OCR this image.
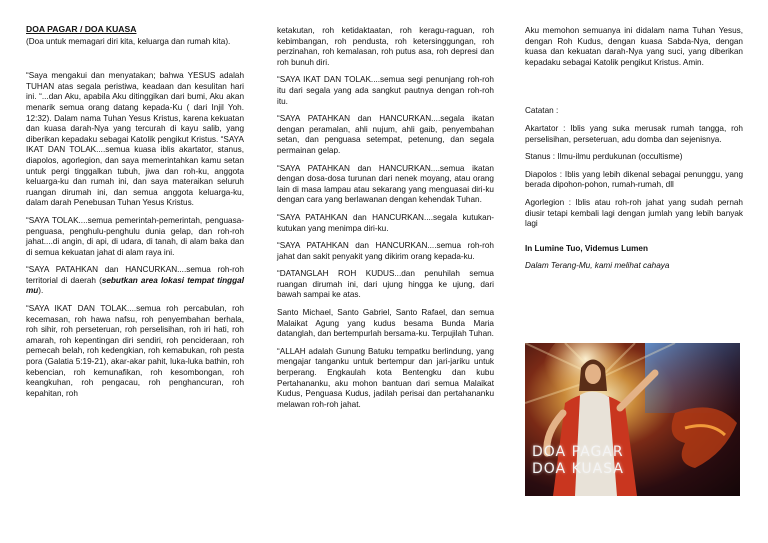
DOA PAGAR / DOA KUASA

(Doa untuk memagari diri kita, keluarga dan rumah kita).

“Saya mengakui dan menyatakan; bahwa YESUS adalah TUHAN atas segala peristiwa, keadaan dan kesulitan hari ini. “...dan Aku, apabila Aku ditinggikan dari bumi, Aku akan menarik semua orang datang kepada-Ku ( dari Injil Yoh. 12:32). Dalam nama Tuhan Yesus Kristus, karena kekuatan dan kuasa darah-Nya yang tercurah di kayu salib, yang diberikan kepadaku sebagai Katolik pengikut Kristus. “SAYA IKAT DAN TOLAK....semua kuasa iblis akartator, stanus, diapolos, agorlegion, dan saya memerintahkan kamu setan untuk pergi tinggalkan tubuh, jiwa dan roh-ku, anggota keluarga-ku dan rumah ini, dan saya materaikan seluruh ruangan dirumah ini, dan semua anggota keluarga-ku, dalam darah Penebusan Tuhan Yesus Kristus.

“SAYA TOLAK....semua pemerintah-pemerintah, penguasa-penguasa, penghulu-penghulu dunia gelap, dan roh-roh jahat....di angin, di api, di udara, di tanah, di alam baka dan di semua kekuatan jahat di alam raya ini.

“SAYA PATAHKAN dan HANCURKAN....semua roh-roh territorial di daerah (sebutkan area lokasi tempat tinggal mu).

“SAYA IKAT DAN TOLAK....semua roh percabulan, roh kecemasan, roh hawa nafsu, roh penyembahan berhala, roh sihir, roh perseteruan, roh perselisihan, roh iri hati, roh amarah, roh kepentingan diri sendiri, roh pencideraan, roh pemecah belah, roh kedengkian, roh kemabukan, roh pesta pora (Galatia 5:19-21), akar-akar pahit, luka-luka bathin, roh kebencian, roh kemunafikan, roh kesombongan, roh keangkuhan, roh pengacau, roh penghancuran, roh kepahitan, roh

ketakutan, roh ketidaktaatan, roh keragu-raguan, roh kebimbangan, roh pendusta, roh ketersinggungan, roh perzinahan, roh kemalasan, roh putus asa, roh depresi dan roh bunuh diri.

“SAYA IKAT DAN TOLAK....semua segi penunjang roh-roh itu dari segala yang ada sangkut pautnya dengan roh-roh itu.

“SAYA PATAHKAN dan HANCURKAN....segala ikatan dengan peramalan, ahli nujum, ahli gaib, penyembahan setan, dan penguasa setempat, petenung, dan segala permainan gelap.

“SAYA PATAHKAN dan HANCURKAN....semua ikatan dengan dosa-dosa turunan dari nenek moyang, atau orang lain di masa lampau atau sekarang yang menguasai diri-ku dengan cara yang berlawanan dengan kehendak Tuhan.

“SAYA PATAHKAN dan HANCURKAN....segala kutukan-kutukan yang menimpa diri-ku.

“SAYA PATAHKAN dan HANCURKAN....semua roh-roh jahat dan sakit penyakit yang dikirim orang kepada-ku.

“DATANGLAH ROH KUDUS...dan penuhilah semua ruangan dirumah ini, dari ujung hingga ke ujung, dari bawah sampai ke atas.

Santo Michael, Santo Gabriel, Santo Rafael, dan semua Malaikat Agung yang kudus besama Bunda Maria datanglah, dan bertempurlah bersama-ku. Terpujilah Tuhan.

“ALLAH adalah Gunung Batuku tempatku berlindung, yang mengajar tanganku untuk bertempur dan jari-jariku untuk berperang. Engkaulah kota Bentengku dan kubu Pertahananku, aku mohon bantuan dari semua Malaikat Kudus, Penguasa Kudus, jadilah perisai dan pertahananku melawan roh-roh jahat.

Aku memohon semuanya ini didalam nama Tuhan Yesus, dengan Roh Kudus, dengan kuasa Sabda-Nya, dengan kuasa dan kekuatan darah-Nya yang suci, yang diberikan kepadaku sebagai Katolik pengikut Kristus. Amin.

Catatan :

Akartator : Iblis yang suka merusak rumah tangga, roh perselisihan, perseteruan, adu domba dan sejenisnya.

Stanus : Ilmu-ilmu perdukunan (occultisme)

Diapolos : Iblis yang lebih dikenal sebagai penunggu, yang berada dipohon-pohon, rumah-rumah, dll

Agorlegion : Iblis atau roh-roh jahat yang sudah pernah diusir tetapi kembali lagi dengan jumlah yang lebih banyak lagi

In Lumine Tuo, Videmus Lumen

Dalam Terang-Mu, kami melihat cahaya

DOA PAGAR
DOA KUASA
